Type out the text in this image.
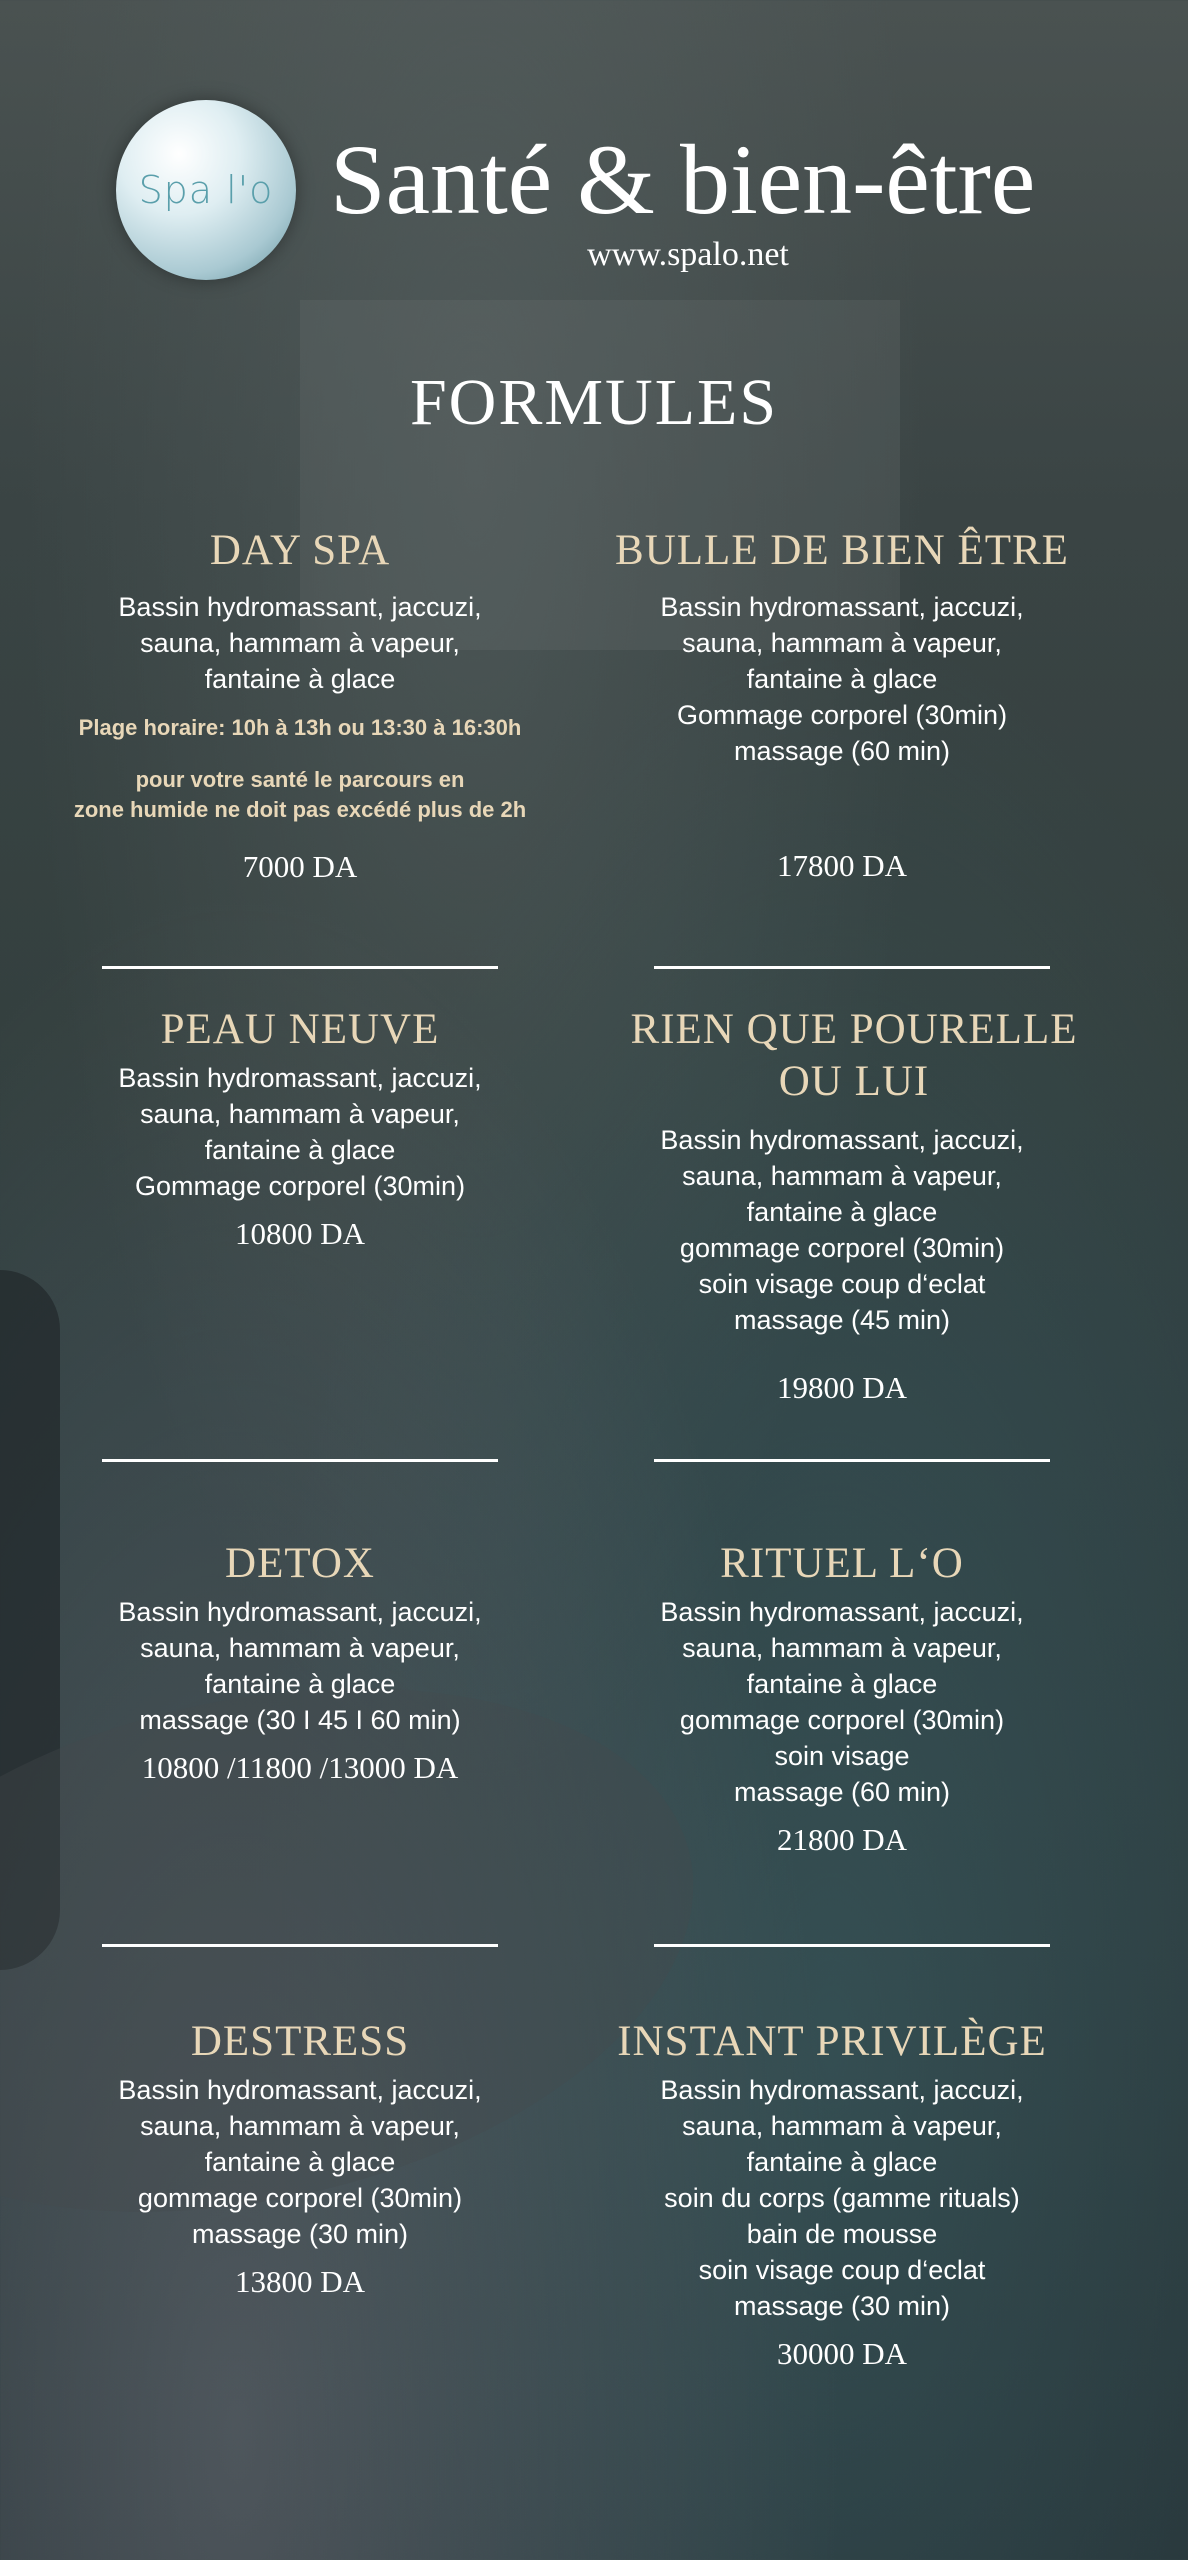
Spa l'o Santé & bien-être
www.spalo.net
FORMULES
DAY SPA
Bassin hydromassant, jaccuzi,
sauna, hammam à vapeur,
fantaine à glace
Plage horaire: 10h à 13h ou 13:30 à 16:30h
pour votre santé le parcours en
zone humide ne doit pas excédé plus de 2h
7000 DA
BULLE DE BIEN ÊTRE
Bassin hydromassant, jaccuzi,
sauna, hammam à vapeur,
fantaine à glace
Gommage corporel (30min)
massage (60 min)
17800 DA
PEAU NEUVE
Bassin hydromassant, jaccuzi,
sauna, hammam à vapeur,
fantaine à glace
Gommage corporel (30min)
10800 DA
RIEN QUE POURELLE
OU LUI
Bassin hydromassant, jaccuzi,
sauna, hammam à vapeur,
fantaine à glace
gommage corporel (30min)
soin visage coup d‘eclat
massage (45 min)
19800 DA
DETOX
Bassin hydromassant, jaccuzi,
sauna, hammam à vapeur,
fantaine à glace
massage (30 I 45 I 60 min)
10800 /11800 /13000 DA
RITUEL L‘O
Bassin hydromassant, jaccuzi,
sauna, hammam à vapeur,
fantaine à glace
gommage corporel (30min)
soin visage
massage (60 min)
21800 DA
DESTRESS
Bassin hydromassant, jaccuzi,
sauna, hammam à vapeur,
fantaine à glace
gommage corporel (30min)
massage (30 min)
13800 DA
INSTANT PRIVILÈGE
Bassin hydromassant, jaccuzi,
sauna, hammam à vapeur,
fantaine à glace
soin du corps (gamme rituals)
bain de mousse
soin visage coup d‘eclat
massage (30 min)
30000 DA
